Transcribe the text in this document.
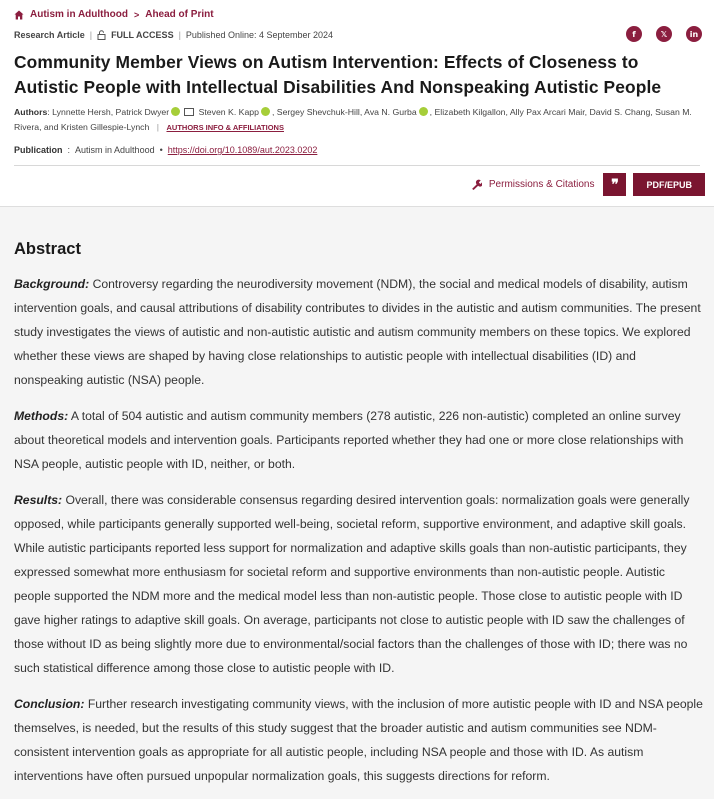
Autism in Adulthood > Ahead of Print
Research Article | FULL ACCESS | Published Online: 4 September 2024	f	𝕏	in
Community Member Views on Autism Intervention: Effects of Closeness to Autistic People with Intellectual Disabilities And Nonspeaking Autistic People
Authors: Lynnette Hersh, Patrick Dwyer	Steven K. Kapp , Sergey Shevchuk-Hill, Ava N. Gurba , Elizabeth Kilgallon, Ally Pax Arcari Mair, David S. Chang, Susan M. Rivera, and Kristen Gillespie-Lynch | AUTHORS INFO & AFFILIATIONS
Publication : Autism in Adulthood • https://doi.org/10.1089/aut.2023.0202
Permissions & Citations	❞	PDF/EPUB
Abstract

Background: Controversy regarding the neurodiversity movement (NDM), the social and medical models of disability, autism intervention goals, and causal attributions of disability contributes to divides in the autistic and autism communities. The present study investigates the views of autistic and non-autistic autistic and autism community members on these topics. We explored whether these views are shaped by having close relationships to autistic people with intellectual disabilities (ID) and nonspeaking autistic (NSA) people.

Methods: A total of 504 autistic and autism community members (278 autistic, 226 non-autistic) completed an online survey about theoretical models and intervention goals. Participants reported whether they had one or more close relationships with NSA people, autistic people with ID, neither, or both.

Results: Overall, there was considerable consensus regarding desired intervention goals: normalization goals were generally opposed, while participants generally supported well-being, societal reform, supportive environment, and adaptive skill goals. While autistic participants reported less support for normalization and adaptive skills goals than non-autistic participants, they expressed somewhat more enthusiasm for societal reform and supportive environments than non-autistic people. Autistic people supported the NDM more and the medical model less than non-autistic people. Those close to autistic people with ID gave higher ratings to adaptive skill goals. On average, participants not close to autistic people with ID saw the challenges of those without ID as being slightly more due to environmental/social factors than the challenges of those with ID; there was no such statistical difference among those close to autistic people with ID.

Conclusion: Further research investigating community views, with the inclusion of more autistic people with ID and NSA people themselves, is needed, but the results of this study suggest that the broader autistic and autism communities see NDM-consistent intervention goals as appropriate for all autistic people, including NSA people and those with ID. As autism interventions have often pursued unpopular normalization goals, this suggests directions for reform.
